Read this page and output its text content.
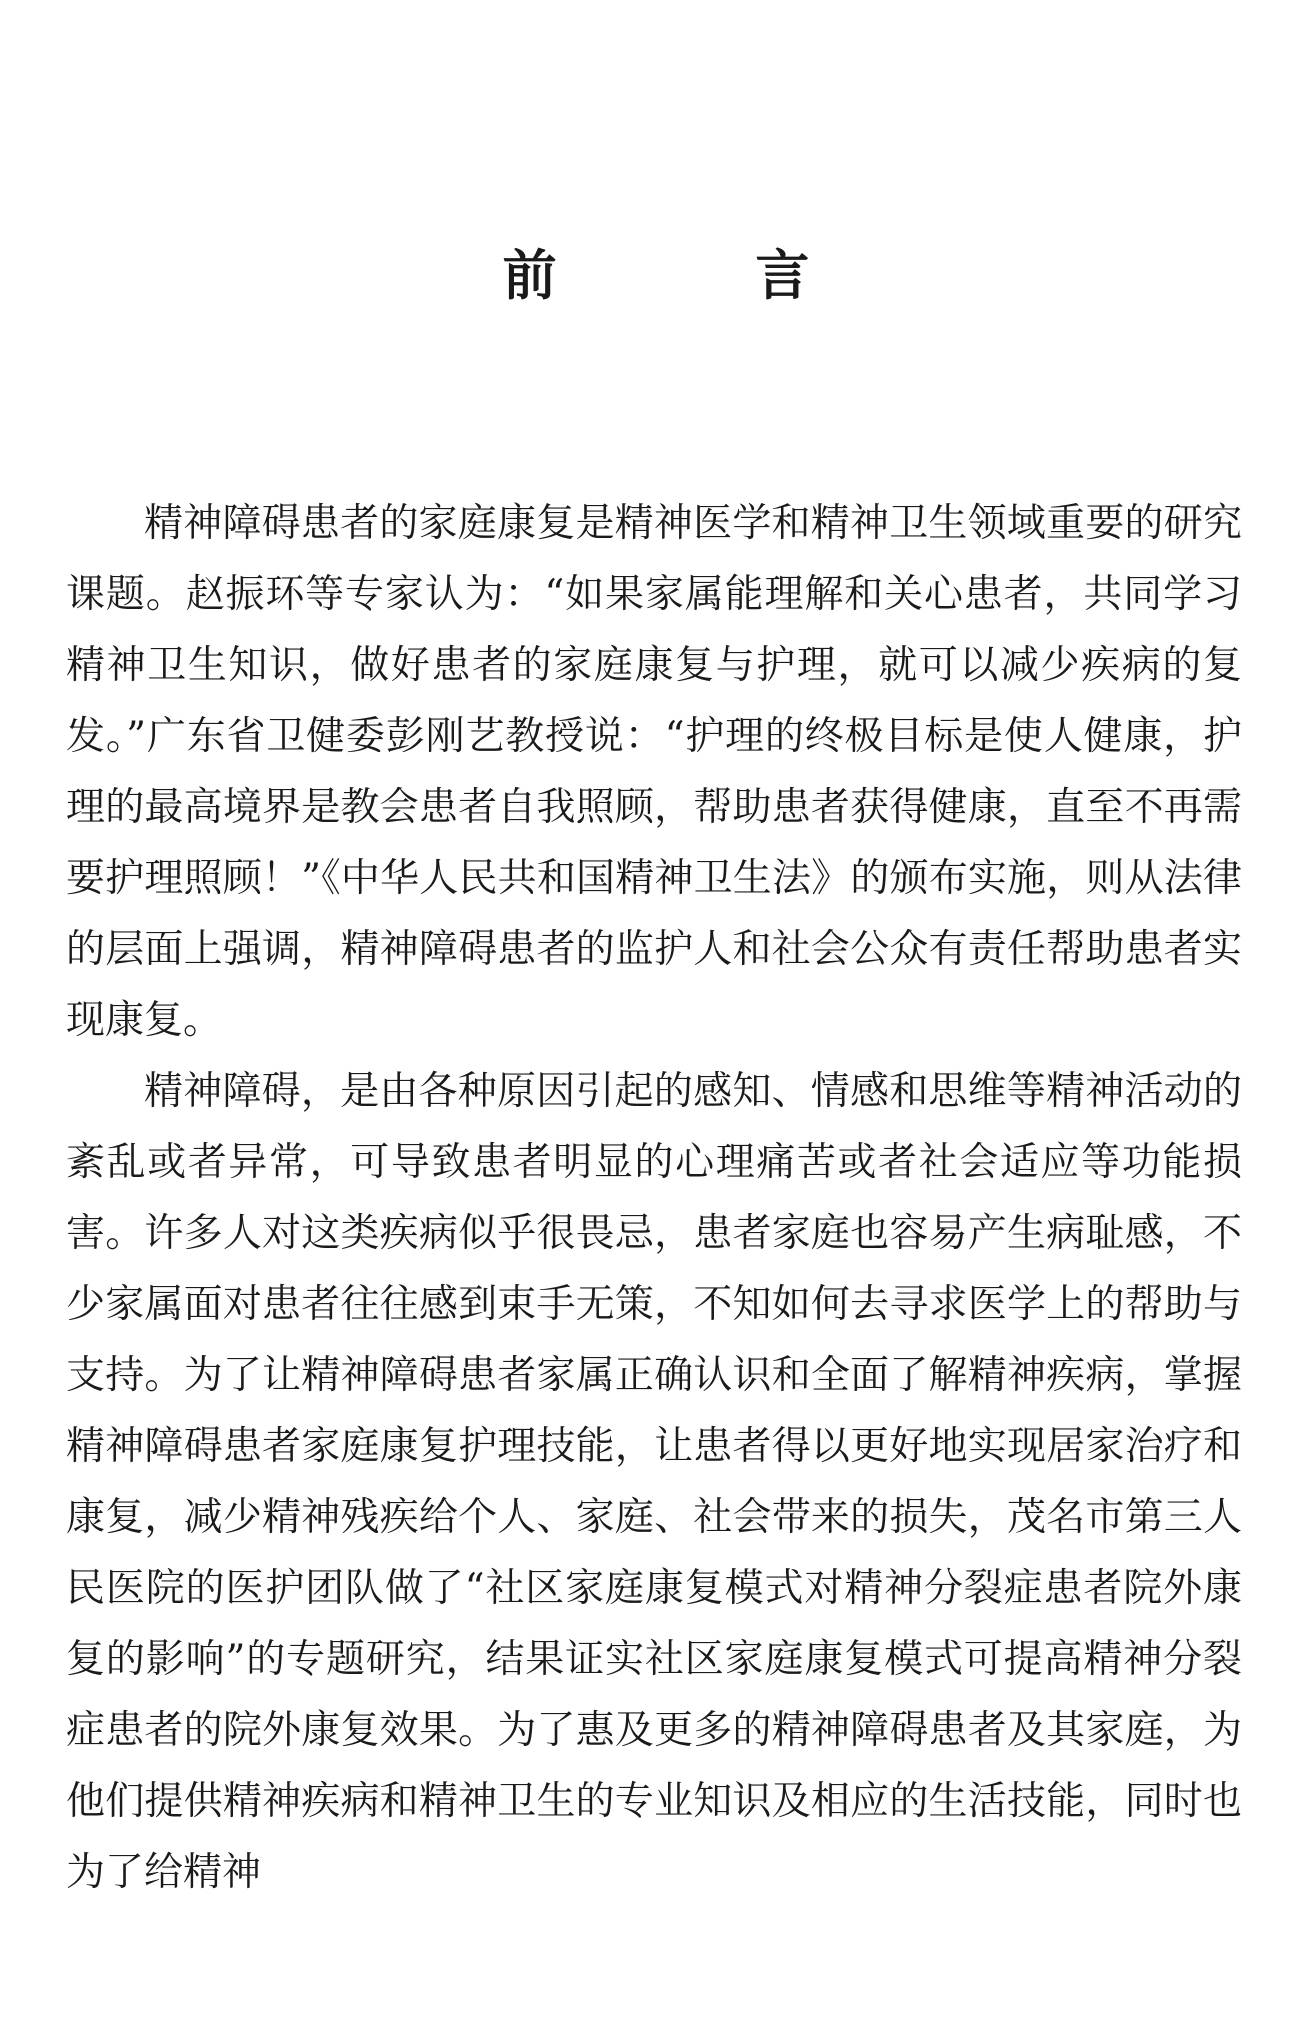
前 言

精神障碍患者的家庭康复是精神医学和精神卫生领域重要的研究课题。赵振环等专家认为：“如果家属能理解和关心患者，共同学习精神卫生知识，做好患者的家庭康复与护理，就可以减少疾病的复发。”广东省卫健委彭刚艺教授说：“护理的终极目标是使人健康，护理的最高境界是教会患者自我照顾，帮助患者获得健康，直至不再需要护理照顾！”《中华人民共和国精神卫生法》的颁布实施，则从法律的层面上强调，精神障碍患者的监护人和社会公众有责任帮助患者实现康复。

精神障碍，是由各种原因引起的感知、情感和思维等精神活动的紊乱或者异常，可导致患者明显的心理痛苦或者社会适应等功能损害。许多人对这类疾病似乎很畏忌，患者家庭也容易产生病耻感，不少家属面对患者往往感到束手无策，不知如何去寻求医学上的帮助与支持。为了让精神障碍患者家属正确认识和全面了解精神疾病，掌握精神障碍患者家庭康复护理技能，让患者得以更好地实现居家治疗和康复，减少精神残疾给个人、家庭、社会带来的损失，茂名市第三人民医院的医护团队做了“社区家庭康复模式对精神分裂症患者院外康复的影响”的专题研究，结果证实社区家庭康复模式可提高精神分裂症患者的院外康复效果。为了惠及更多的精神障碍患者及其家庭，为他们提供精神疾病和精神卫生的专业知识及相应的生活技能，同时也为了给精神
